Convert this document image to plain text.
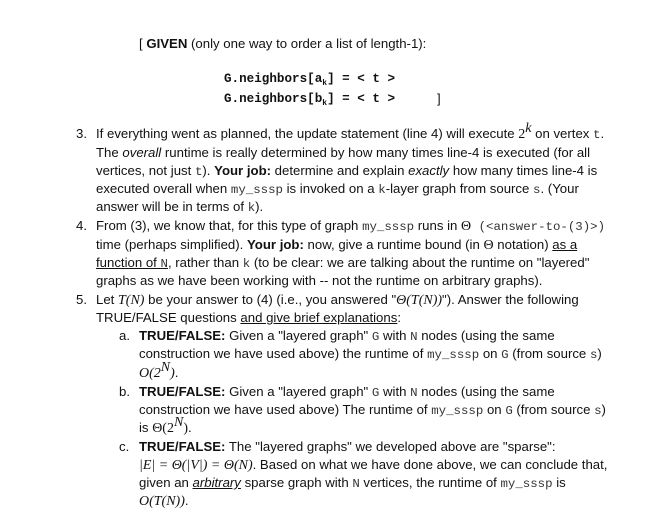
[ GIVEN (only one way to order a list of length-1):
$G.neighbors[a_k]$ = < t >
$G.neighbors[b_k]$ = < t >	]
3. If everything went as planned, the update statement (line 4) will execute 2$^k$ on vertex t.
The overall runtime is really determined by how many times line-4 is executed (for all
vertices, not just t). Your job: determine and explain exactly how many times line-4 is
executed overall when my_sssp is invoked on a k-layer graph from source s. (Your
answer will be in terms of k).
4. From (3), we know that, for this type of graph my_sssp runs in Θ (<answer-to-(3)>)
time (perhaps simplified). Your job: now, give a runtime bound (in Θ notation) as a
function of N, rather than k (to be clear: we are talking about the runtime on "layered"
graphs as we have been working with -- not the runtime on arbitrary graphs).
5. Let T(N) be your answer to (4) (i.e., you answered "Θ(T(N))"). Answer the following
TRUE/FALSE questions and give brief explanations:
a. TRUE/FALSE: Given a "layered graph" G with N nodes (using the same
construction we have used above) the runtime of my_sssp on G (from source s)
$O(2^N)$.
b. TRUE/FALSE: Given a "layered graph" G with N nodes (using the same
construction we have used above) The runtime of my_sssp on G (from source s)
is $\Theta(2^N)$.
c. TRUE/FALSE: The "layered graphs" we developed above are "sparse":
|E| = Θ(|V|) = Θ(N). Based on what we have done above, we can conclude that,
given an arbitrary sparse graph with N vertices, the runtime of my_sssp is
O(T(N)).
